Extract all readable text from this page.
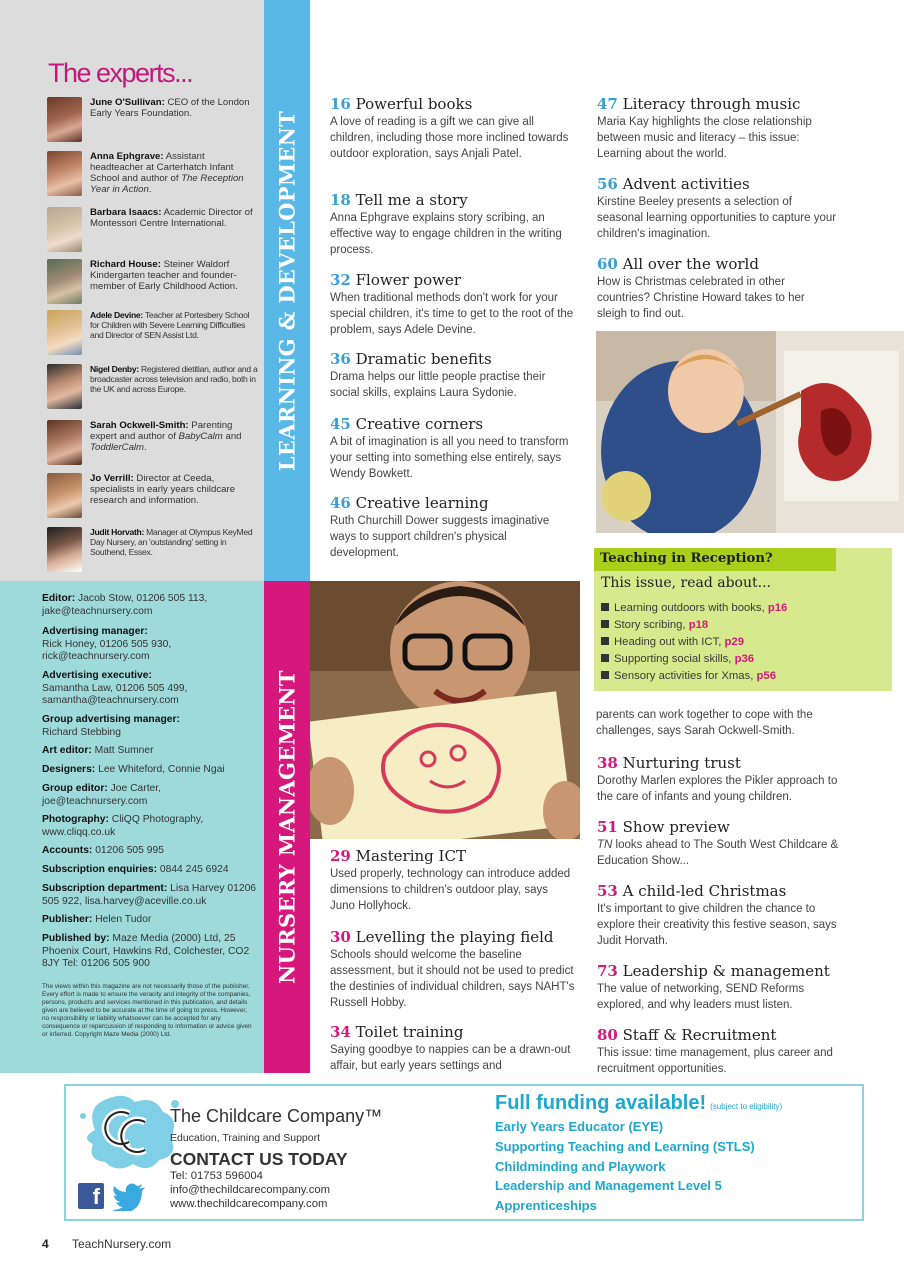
The experts...
June O'Sullivan: CEO of the London Early Years Foundation.
Anna Ephgrave: Assistant headteacher at Carterhatch Infant School and author of The Reception Year in Action.
Barbara Isaacs: Academic Director of Montessori Centre International.
Richard House: Steiner Waldorf Kindergarten teacher and founder-member of Early Childhood Action.
Adele Devine: Teacher at Portesbery School for Children with Severe Learning Difficulties and Director of SEN Assist Ltd.
Nigel Denby: Registered dietitian, author and a broadcaster across television and radio, both in the UK and across Europe.
Sarah Ockwell-Smith: Parenting expert and author of BabyCalm and ToddlerCalm.
Jo Verrill: Director at Ceeda, specialists in early years childcare research and information.
Judit Horvath: Manager at Olympus KeyMed Day Nursery, an 'outstanding' setting in Southend, Essex.
Editor: Jacob Stow, 01206 505 113, jake@teachnursery.com
Advertising manager:
Rick Honey, 01206 505 930, rick@teachnursery.com
Advertising executive:
Samantha Law, 01206 505 499, samantha@teachnursery.com
Group advertising manager:
Richard Stebbing
Art editor: Matt Sumner
Designers: Lee Whiteford, Connie Ngai
Group editor: Joe Carter, joe@teachnursery.com
Photography: CliQQ Photography, www.cliqq.co.uk
Accounts: 01206 505 995
Subscription enquiries: 0844 245 6924
Subscription department: Lisa Harvey 01206 505 922, lisa.harvey@aceville.co.uk
Publisher: Helen Tudor
Published by: Maze Media (2000) Ltd, 25 Phoenix Court, Hawkins Rd, Colchester, CO2 8JY Tel: 01206 505 900
The views within this magazine are not necessarily those of the publisher. Every effort is made to ensure the veracity and integrity of the companies, persons, products and services mentioned in this publication, and details given are believed to be accurate at the time of going to press. However, no responsibility or liability whatsoever can be accepted for any consequence or repercussion of responding to information or advice given or inferred. Copyright Maze Media (2000) Ltd.
LEARNING & DEVELOPMENT
NURSERY MANAGEMENT
16 Powerful books
A love of reading is a gift we can give all children, including those more inclined towards outdoor exploration, says Anjali Patel.
18 Tell me a story
Anna Ephgrave explains story scribing, an effective way to engage children in the writing process.
32 Flower power
When traditional methods don't work for your special children, it's time to get to the root of the problem, says Adele Devine.
36 Dramatic benefits
Drama helps our little people practise their social skills, explains Laura Sydonie.
45 Creative corners
A bit of imagination is all you need to transform your setting into something else entirely, says Wendy Bowkett.
46 Creative learning
Ruth Churchill Dower suggests imaginative ways to support children's physical development.
47 Literacy through music
Maria Kay highlights the close relationship between music and literacy – this issue: Learning about the world.
56 Advent activities
Kirstine Beeley presents a selection of seasonal learning opportunities to capture your children's imagination.
60 All over the world
How is Christmas celebrated in other countries? Christine Howard takes to her sleigh to find out.
Teaching in Reception?
This issue, read about...
Learning outdoors with books, p16
Story scribing, p18
Heading out with ICT, p29
Supporting social skills, p36
Sensory activities for Xmas, p56
29 Mastering ICT
Used properly, technology can introduce added dimensions to children's outdoor play, says Juno Hollyhock.
30 Levelling the playing field
Schools should welcome the baseline assessment, but it should not be used to predict the destinies of individual children, says NAHT's Russell Hobby.
34 Toilet training
Saying goodbye to nappies can be a drawn-out affair, but early years settings and
parents can work together to cope with the challenges, says Sarah Ockwell-Smith.
38 Nurturing trust
Dorothy Marlen explores the Pikler approach to the care of infants and young children.
51 Show preview
TN looks ahead to The South West Childcare & Education Show...
53 A child-led Christmas
It's important to give children the chance to explore their creativity this festive season, says Judit Horvath.
73 Leadership & management
The value of networking, SEND Reforms explored, and why leaders must listen.
80 Staff & Recruitment
This issue: time management, plus career and recruitment opportunities.
The Childcare Company™
Education, Training and Support
CONTACT US TODAY
Tel: 01753 596004
info@thechildcarecompany.com
www.thechildcarecompany.com
f
Full funding available! (subject to eligibility)
Early Years Educator (EYE)
Supporting Teaching and Learning (STLS)
Childminding and Playwork
Leadership and Management Level 5
Apprenticeships
4 TeachNursery.com
